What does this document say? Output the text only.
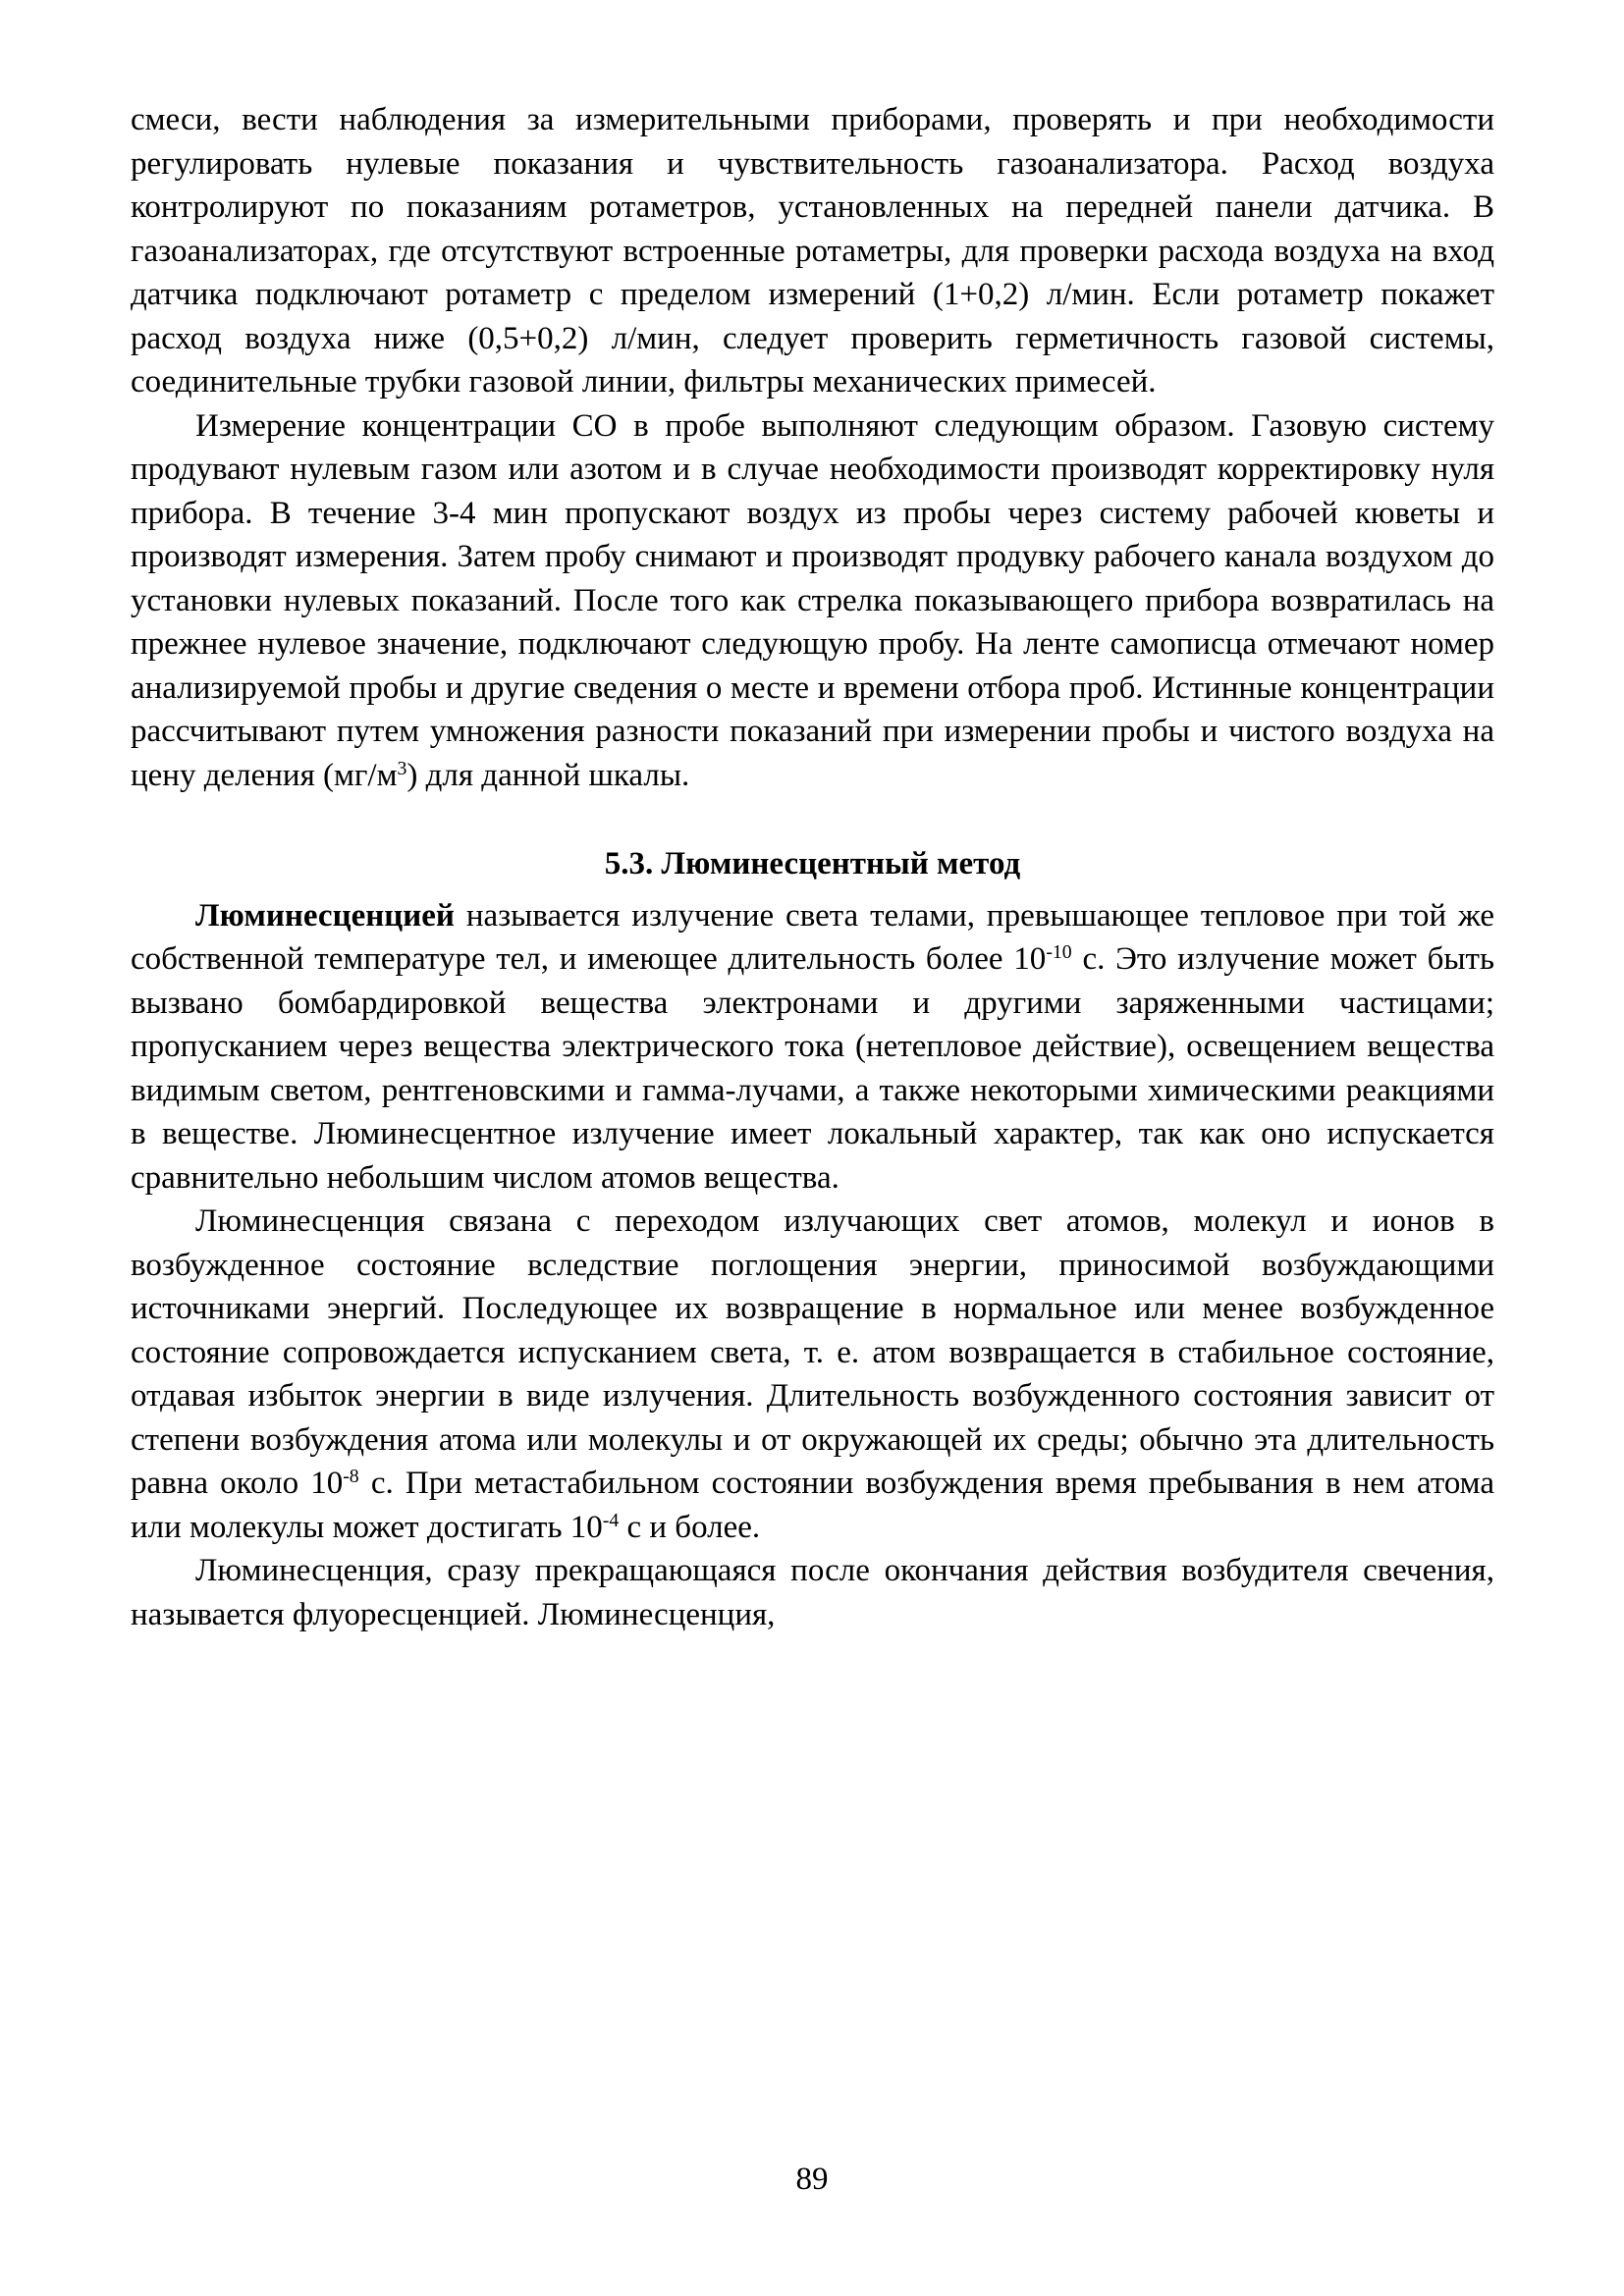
смеси, вести наблюдения за измерительными приборами, проверять и при необходимости регулировать нулевые показания и чувствительность газоанализатора. Расход воздуха контролируют по показаниям ротаметров, установленных на передней панели датчика. В газоанализаторах, где отсутствуют встроенные ротаметры, для проверки расхода воздуха на вход датчика подключают ротаметр с пределом измерений (1+0,2) л/мин. Если ротаметр покажет расход воздуха ниже (0,5+0,2) л/мин, следует проверить герметичность газовой системы, соединительные трубки газовой линии, фильтры механических примесей.

Измерение концентрации СО в пробе выполняют следующим образом. Газовую систему продувают нулевым газом или азотом и в случае необходимости производят корректировку нуля прибора. В течение 3-4 мин пропускают воздух из пробы через систему рабочей кюветы и производят измерения. Затем пробу снимают и производят продувку рабочего канала воздухом до установки нулевых показаний. После того как стрелка показывающего прибора возвратилась на прежнее нулевое значение, подключают следующую пробу. На ленте самописца отмечают номер анализируемой пробы и другие сведения о месте и времени отбора проб. Истинные концентрации рассчитывают путем умножения разности показаний при измерении пробы и чистого воздуха на цену деления $(мг/м^3)$ для данной шкалы.

5.3. Люминесцентный метод

Люминесценцией называется излучение света телами, превышающее тепловое при той же собственной температуре тел, и имеющее длительность более $10^{-10}$ с. Это излучение может быть вызвано бомбардировкой вещества электронами и другими заряженными частицами; пропусканием через вещества электрического тока (нетепловое действие), освещением вещества видимым светом, рентгеновскими и гамма-лучами, а также некоторыми химическими реакциями в веществе. Люминесцентное излучение имеет локальный характер, так как оно испускается сравнительно небольшим числом атомов вещества.

Люминесценция связана с переходом излучающих свет атомов, молекул и ионов в возбужденное состояние вследствие поглощения энергии, приносимой возбуждающими источниками энергий. Последующее их возвращение в нормальное или менее возбужденное состояние сопровождается испусканием света, т. е. атом возвращается в стабильное состояние, отдавая избыток энергии в виде излучения. Длительность возбужденного состояния зависит от степени возбуждения атома или молекулы и от окружающей их среды; обычно эта длительность равна около $10^{-8}$ с. При метастабильном состоянии возбуждения время пребывания в нем атома или молекулы может достигать $10^{-4}$ с и более.

Люминесценция, сразу прекращающаяся после окончания действия возбудителя свечения, называется флуоресценцией. Люминесценция,

89
